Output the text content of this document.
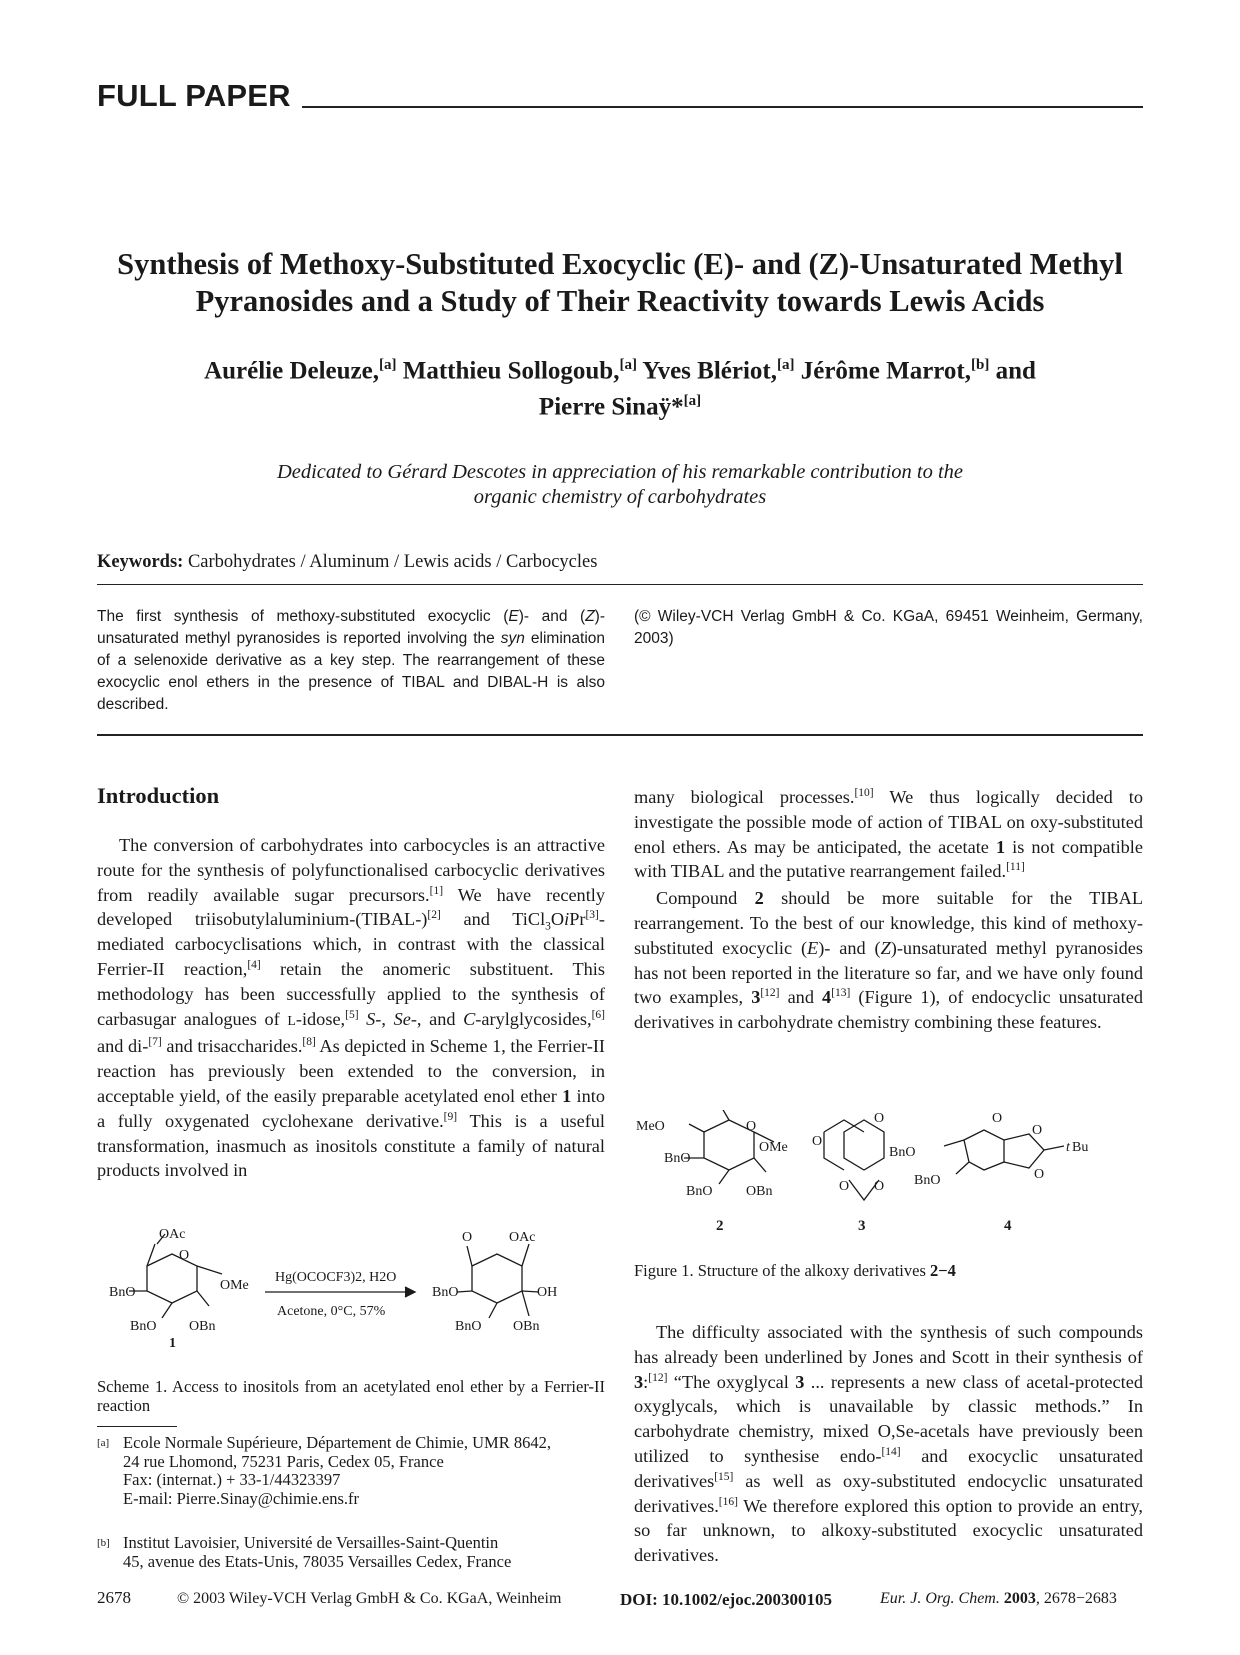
FULL PAPER
Synthesis of Methoxy-Substituted Exocyclic (E)- and (Z)-Unsaturated Methyl
Pyranosides and a Study of Their Reactivity towards Lewis Acids
Aurélie Deleuze,[a] Matthieu Sollogoub,[a] Yves Blériot,[a] Jérôme Marrot,[b] and
Pierre Sinaÿ*[a]
Dedicated to Gérard Descotes in appreciation of his remarkable contribution to the
organic chemistry of carbohydrates
Keywords: Carbohydrates / Aluminum / Lewis acids / Carbocycles
The first synthesis of methoxy-substituted exocyclic (E)- and (Z)-unsaturated methyl pyranosides is reported involving the syn elimination of a selenoxide derivative as a key step. The rearrangement of these exocyclic enol ethers in the presence of TIBAL and DIBAL-H is also described.
(© Wiley-VCH Verlag GmbH & Co. KGaA, 69451 Weinheim, Germany, 2003)
Introduction

The conversion of carbohydrates into carbocycles is an attractive route for the synthesis of polyfunctionalised carbocyclic derivatives from readily available sugar precursors.[1] We have recently developed triisobutylaluminium-(TIBAL-)[2] and TiCl$_3$OiPr[3]-mediated carbocyclisations which, in contrast with the classical Ferrier-II reaction,[4] retain the anomeric substituent. This methodology has been successfully applied to the synthesis of carbasugar analogues of L-idose,[5] S-, Se-, and C-arylglycosides,[6] and di-[7] and trisaccharides.[8] As depicted in Scheme 1, the Ferrier-II reaction has previously been extended to the conversion, in acceptable yield, of the easily preparable acetylated enol ether 1 into a fully oxygenated cyclohexane derivative.[9] This is a useful transformation, inasmuch as inositols constitute a family of natural products involved in

many biological processes.[10] We thus logically decided to investigate the possible mode of action of TIBAL on oxy-substituted enol ethers. As may be anticipated, the acetate 1 is not compatible with TIBAL and the putative rearrangement failed.[11]

Compound 2 should be more suitable for the TIBAL rearrangement. To the best of our knowledge, this kind of methoxy-substituted exocyclic (E)- and (Z)-unsaturated methyl pyranosides has not been reported in the literature so far, and we have only found two examples, 3[12] and 4[13] (Figure 1), of endocyclic unsaturated derivatives in carbohydrate chemistry combining these features.

MeO
BnO
OMe
BnO OBn
O
2
O
O
O O
3
BnO
BnO
O
O
O
t Bu
4
Figure 1. Structure of the alkoxy derivatives 2−4

The difficulty associated with the synthesis of such compounds has already been underlined by Jones and Scott in their synthesis of 3:[12] “The oxyglycal 3 ... represents a new class of acetal-protected oxyglycals, which is unavailable by classic methods.” In carbohydrate chemistry, mixed O,Se-acetals have previously been utilized to synthesise endo-[14] and exocyclic unsaturated derivatives[15] as well as oxy-substituted endocyclic unsaturated derivatives.[16] We therefore explored this option to provide an entry, so far unknown, to alkoxy-substituted exocyclic unsaturated derivatives.

OAc
O
BnO	OMe
BnO OBn
1
Hg(OCOCF3)2, H2O
Acetone, 0°C, 57%
O	OAc
BnO	OH
BnO OBn
Scheme 1. Access to inositols from an acetylated enol ether by a Ferrier-II reaction
[a] Ecole Normale Supérieure, Département de Chimie, UMR 8642,
24 rue Lhomond, 75231 Paris, Cedex 05, France
Fax: (internat.) + 33-1/44323397
E-mail: Pierre.Sinay@chimie.ens.fr
[b] Institut Lavoisier, Université de Versailles-Saint-Quentin
45, avenue des Etats-Unis, 78035 Versailles Cedex, France
2678	© 2003 Wiley-VCH Verlag GmbH & Co. KGaA, Weinheim	DOI: 10.1002/ejoc.200300105	Eur. J. Org. Chem. 2003, 2678−2683
